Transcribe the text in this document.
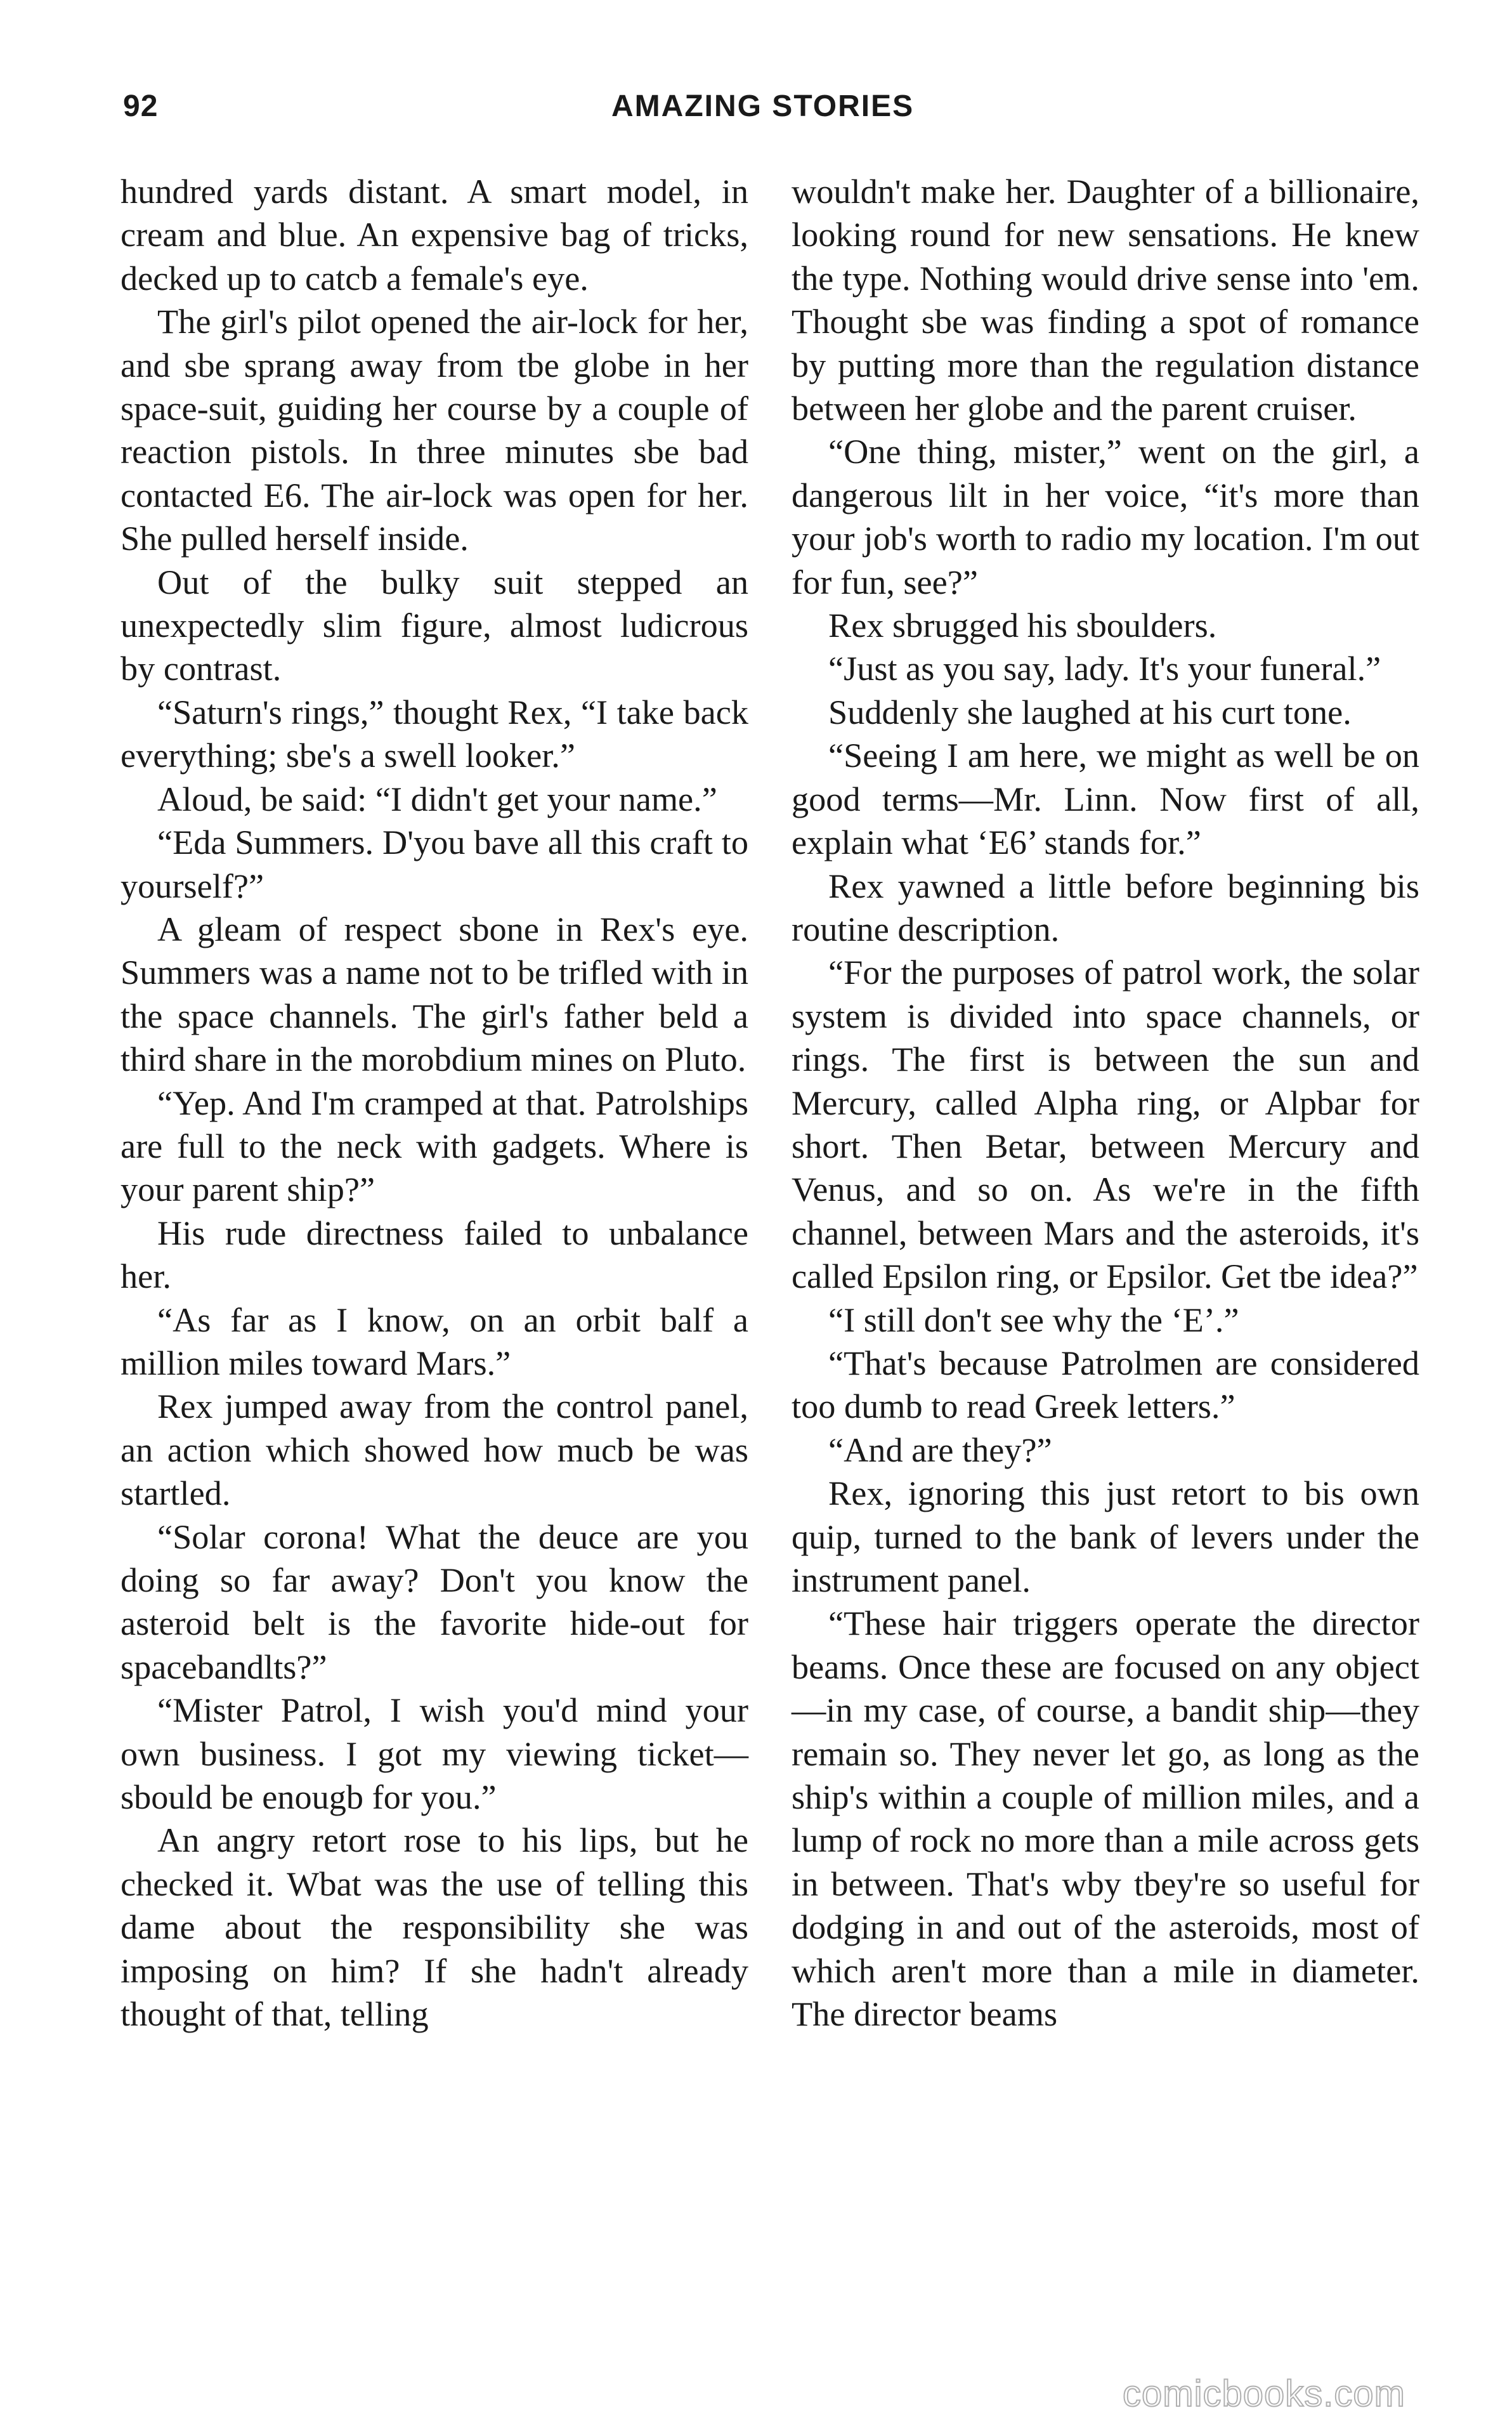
92	AMAZING STORIES

hundred yards distant. A smart model, in cream and blue. An expensive bag of tricks, decked up to catcb a female's eye.

The girl's pilot opened the air-lock for her, and sbe sprang away from tbe globe in her space-suit, guiding her course by a couple of reaction pistols. In three minutes sbe bad contacted E6. The air-lock was open for her. She pulled herself inside.

Out of the bulky suit stepped an unexpectedly slim figure, almost ludicrous by contrast.

“Saturn's rings,” thought Rex, “I take back everything; sbe's a swell looker.”

Aloud, be said: “I didn't get your name.”

“Eda Summers. D'you bave all this craft to yourself?”

A gleam of respect sbone in Rex's eye. Summers was a name not to be trifled with in the space channels. The girl's father beld a third share in the morobdium mines on Pluto.

“Yep. And I'm cramped at that. Patrolships are full to the neck with gadgets. Where is your parent ship?”

His rude directness failed to unbalance her.

“As far as I know, on an orbit balf a million miles toward Mars.”

Rex jumped away from the control panel, an action which showed how mucb be was startled.

“Solar corona! What the deuce are you doing so far away? Don't you know the asteroid belt is the favorite hide-out for spacebandlts?”

“Mister Patrol, I wish you'd mind your own business. I got my viewing ticket—sbould be enougb for you.”

An angry retort rose to his lips, but he checked it. Wbat was the use of telling this dame about the responsibility she was imposing on him? If she hadn't already thought of that, telling

wouldn't make her. Daughter of a billionaire, looking round for new sensations. He knew the type. Nothing would drive sense into 'em. Thought sbe was finding a spot of romance by putting more than the regulation distance between her globe and the parent cruiser.

“One thing, mister,” went on the girl, a dangerous lilt in her voice, “it's more than your job's worth to radio my location. I'm out for fun, see?”

Rex sbrugged his sboulders.

“Just as you say, lady. It's your funeral.”

Suddenly she laughed at his curt tone.

“Seeing I am here, we might as well be on good terms—Mr. Linn. Now first of all, explain what ‘E6’ stands for.”

Rex yawned a little before beginning bis routine description.

“For the purposes of patrol work, the solar system is divided into space channels, or rings. The first is between the sun and Mercury, called Alpha ring, or Alpbar for short. Then Betar, between Mercury and Venus, and so on. As we're in the fifth channel, between Mars and the asteroids, it's called Epsilon ring, or Epsilor. Get tbe idea?”

“I still don't see why the ‘E’.”

“That's because Patrolmen are considered too dumb to read Greek letters.”

“And are they?”

Rex, ignoring this just retort to bis own quip, turned to the bank of levers under the instrument panel.

“These hair triggers operate the director beams. Once these are focused on any object—in my case, of course, a bandit ship—they remain so. They never let go, as long as the ship's within a couple of million miles, and a lump of rock no more than a mile across gets in between. That's wby tbey're so useful for dodging in and out of the asteroids, most of which aren't more than a mile in diameter. The director beams

comicbooks.com
